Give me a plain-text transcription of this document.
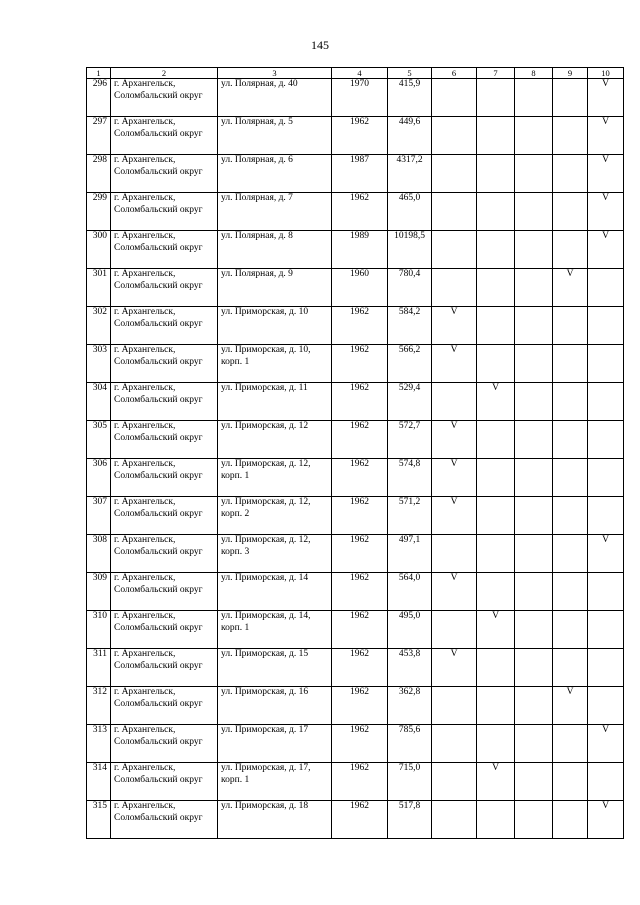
145
1	2	3	4	5	6	7	8	9	10
296	г. Архангельск, Соломбальский округ	ул. Полярная, д. 40	1970	415,9					V
297	г. Архангельск, Соломбальский округ	ул. Полярная, д. 5	1962	449,6					V
298	г. Архангельск, Соломбальский округ	ул. Полярная, д. 6	1987	4317,2					V
299	г. Архангельск, Соломбальский округ	ул. Полярная, д. 7	1962	465,0					V
300	г. Архангельск, Соломбальский округ	ул. Полярная, д. 8	1989	10198,5					V
301	г. Архангельск, Соломбальский округ	ул. Полярная, д. 9	1960	780,4				V	
302	г. Архангельск, Соломбальский округ	ул. Приморская, д. 10	1962	584,2	V				
303	г. Архангельск, Соломбальский округ	ул. Приморская, д. 10, корп. 1	1962	566,2	V				
304	г. Архангельск, Соломбальский округ	ул. Приморская, д. 11	1962	529,4		V			
305	г. Архангельск, Соломбальский округ	ул. Приморская, д. 12	1962	572,7	V				
306	г. Архангельск, Соломбальский округ	ул. Приморская, д. 12, корп. 1	1962	574,8	V				
307	г. Архангельск, Соломбальский округ	ул. Приморская, д. 12, корп. 2	1962	571,2	V				
308	г. Архангельск, Соломбальский округ	ул. Приморская, д. 12, корп. 3	1962	497,1					V
309	г. Архангельск, Соломбальский округ	ул. Приморская, д. 14	1962	564,0	V				
310	г. Архангельск, Соломбальский округ	ул. Приморская, д. 14, корп. 1	1962	495,0		V			
311	г. Архангельск, Соломбальский округ	ул. Приморская, д. 15	1962	453,8	V				
312	г. Архангельск, Соломбальский округ	ул. Приморская, д. 16	1962	362,8				V	
313	г. Архангельск, Соломбальский округ	ул. Приморская, д. 17	1962	785,6					V
314	г. Архангельск, Соломбальский округ	ул. Приморская, д. 17, корп. 1	1962	715,0		V			
315	г. Архангельск, Соломбальский округ	ул. Приморская, д. 18	1962	517,8					V
